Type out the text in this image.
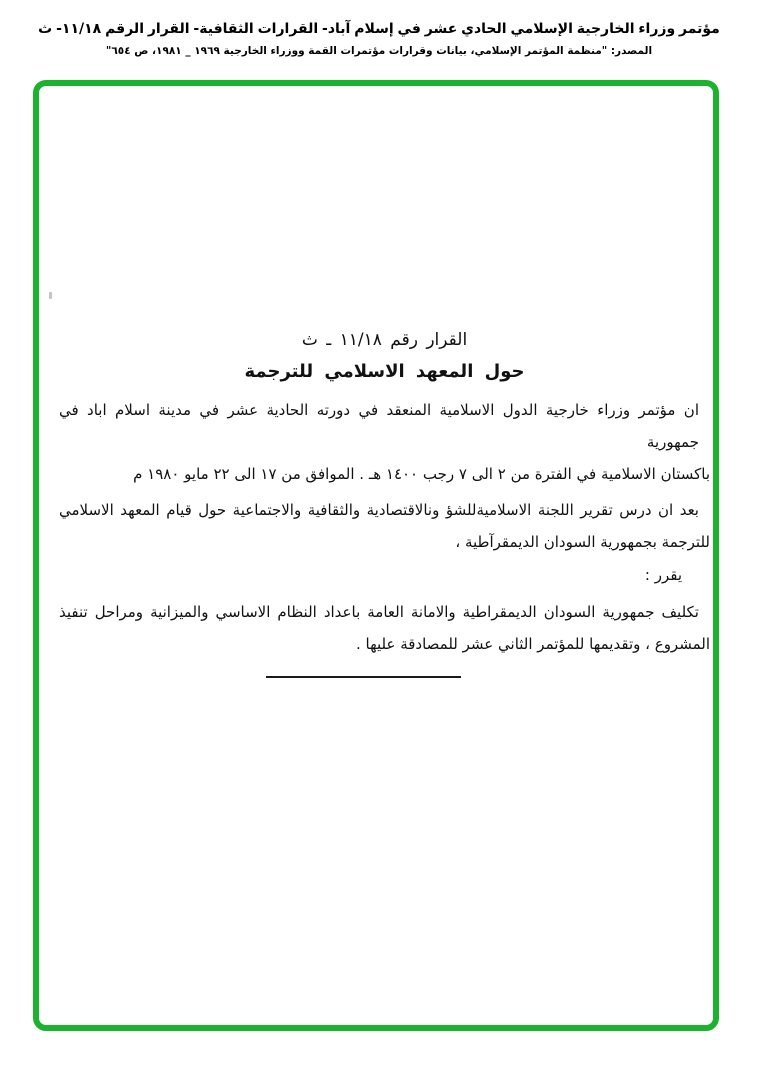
مؤتمر وزراء الخارجية الإسلامي الحادي عشر في إسلام آباد- القرارات الثقافية- القرار الرقم ١١/١٨- ث
المصدر: "منظمة المؤتمر الإسلامي، بيانات وقرارات مؤتمرات القمة ووزراء الخارجية ١٩٦٩ _ ١٩٨١، ص ٦٥٤"
القرار رقم ١١/١٨ ـ ث
حول المعهد الاسلامي للترجمة
ان مؤتمر وزراء خارجية الدول الاسلامية المنعقد في دورته الحادية عشر في مدينة اسلام اباد في جمهورية
باكستان الاسلامية في الفترة من ٢ الى ٧ رجب ١٤٠٠ هـ . الموافق من ١٧ الى ٢٢ مايو ١٩٨٠ م
بعد ان درس تقرير اللجنة الاسلاميةللشؤ ونالاقتصادية والثقافية والاجتماعية حول قيام المعهد الاسلامي
للترجمة بجمهورية السودان الديمقرآطية ،
يقرر :
تكليف جمهورية السودان الديمقراطية والامانة العامة باعداد النظام الاساسي والميزانية ومراحل تنفيذ
المشروع ، وتقديمها للمؤتمر الثاني عشر للمصادقة عليها .
